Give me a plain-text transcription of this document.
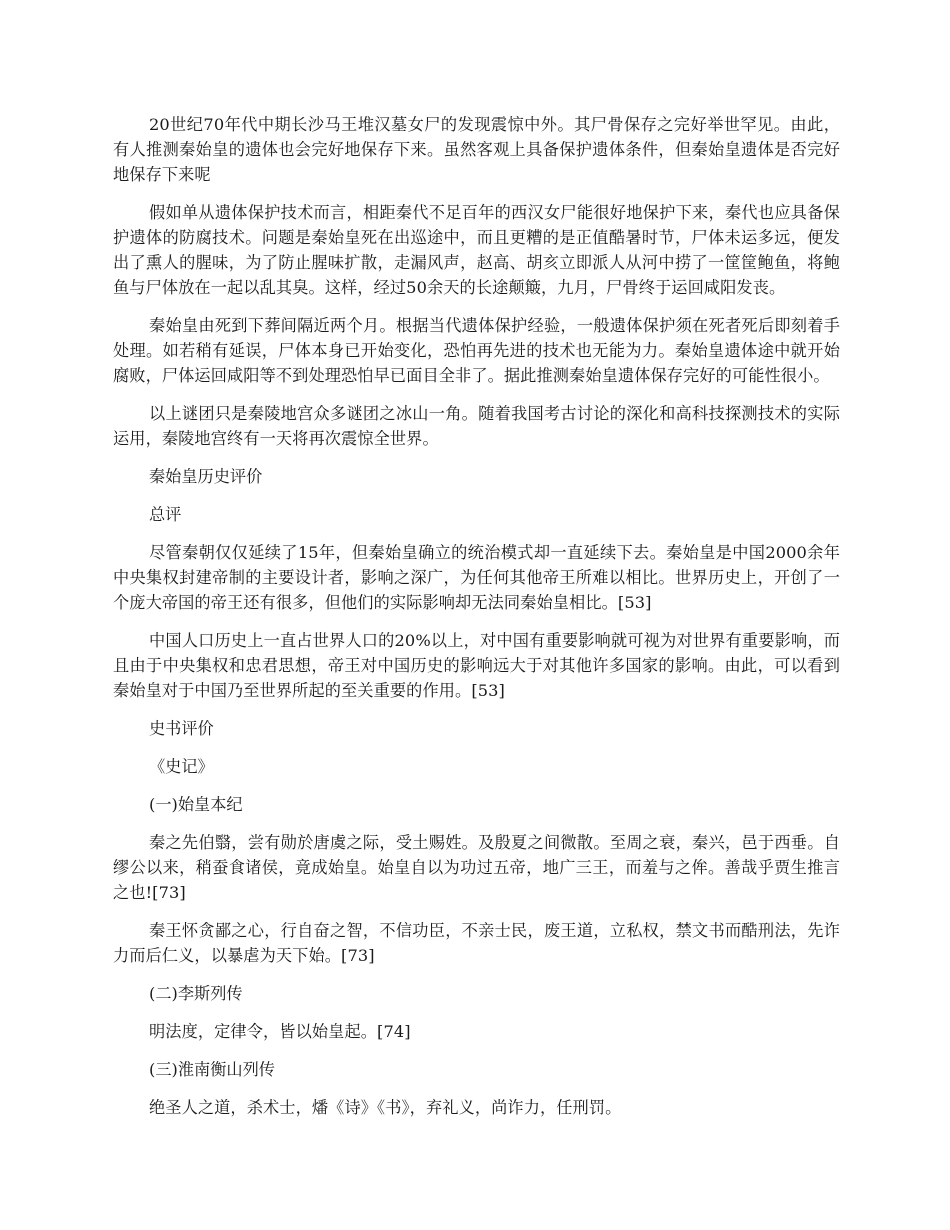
20世纪70年代中期长沙马王堆汉墓女尸的发现震惊中外。其尸骨保存之完好举世罕见。由此，有人推测秦始皇的遗体也会完好地保存下来。虽然客观上具备保护遗体条件，但秦始皇遗体是否完好地保存下来呢

假如单从遗体保护技术而言，相距秦代不足百年的西汉女尸能很好地保护下来，秦代也应具备保护遗体的防腐技术。问题是秦始皇死在出巡途中，而且更糟的是正值酷暑时节，尸体未运多远，便发出了熏人的腥味，为了防止腥味扩散，走漏风声，赵高、胡亥立即派人从河中捞了一筐筐鲍鱼，将鲍鱼与尸体放在一起以乱其臭。这样，经过50余天的长途颠簸，九月，尸骨终于运回咸阳发丧。

秦始皇由死到下葬间隔近两个月。根据当代遗体保护经验，一般遗体保护须在死者死后即刻着手处理。如若稍有延误，尸体本身已开始变化，恐怕再先进的技术也无能为力。秦始皇遗体途中就开始腐败，尸体运回咸阳等不到处理恐怕早已面目全非了。据此推测秦始皇遗体保存完好的可能性很小。

以上谜团只是秦陵地宫众多谜团之冰山一角。随着我国考古讨论的深化和高科技探测技术的实际运用，秦陵地宫终有一天将再次震惊全世界。

秦始皇历史评价

总评

尽管秦朝仅仅延续了15年，但秦始皇确立的统治模式却一直延续下去。秦始皇是中国2000余年中央集权封建帝制的主要设计者，影响之深广，为任何其他帝王所难以相比。世界历史上，开创了一个庞大帝国的帝王还有很多，但他们的实际影响却无法同秦始皇相比。[53]

中国人口历史上一直占世界人口的20%以上，对中国有重要影响就可视为对世界有重要影响，而且由于中央集权和忠君思想，帝王对中国历史的影响远大于对其他许多国家的影响。由此，可以看到秦始皇对于中国乃至世界所起的至关重要的作用。[53]

史书评价

《史记》

(一)始皇本纪

秦之先伯翳，尝有勋於唐虞之际，受土赐姓。及殷夏之间微散。至周之衰，秦兴，邑于西垂。自缪公以来，稍蚕食诸侯，竟成始皇。始皇自以为功过五帝，地广三王，而羞与之侔。善哉乎贾生推言之也![73]

秦王怀贪鄙之心，行自奋之智，不信功臣，不亲士民，废王道，立私权，禁文书而酷刑法，先诈力而后仁义，以暴虐为天下始。[73]

(二)李斯列传

明法度，定律令，皆以始皇起。[74]

(三)淮南衡山列传

绝圣人之道，杀术士，燔《诗》《书》，弃礼义，尚诈力，任刑罚。
